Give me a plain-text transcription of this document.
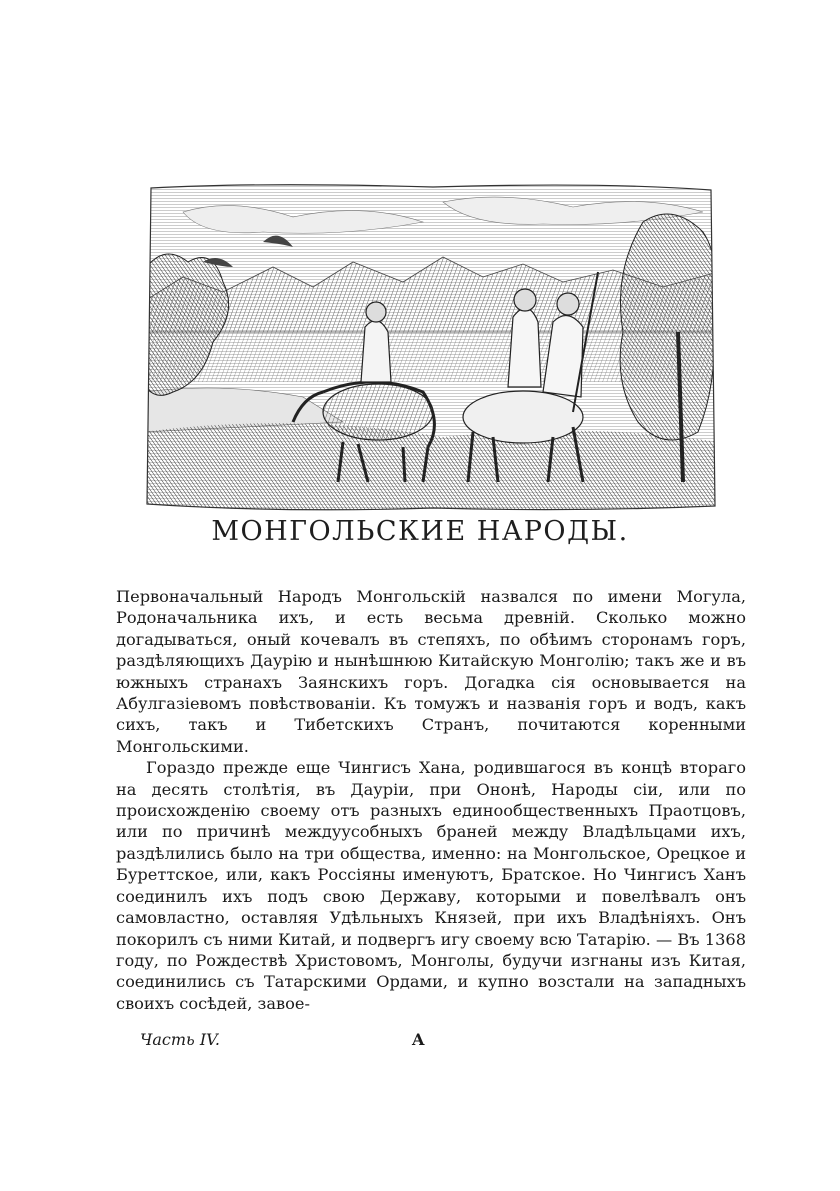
МОНГОЛЬСКИЕ НАРОДЫ.

Первоначальный Народъ Монгольскій назвался по имени Могула, Родоначальника ихъ, и есть весьма древній. Сколько можно догадываться, оный кочевалъ въ степяхъ, по обѣимъ сторонамъ горъ, раздѣляющихъ Даурію и нынѣшнюю Китайскую Монголію; такъ же и въ южныхъ странахъ Заянскихъ горъ. Догадка сія основывается на Абулгазіевомъ повѣствованіи. Къ томужъ и названія горъ и водъ, какъ сихъ, такъ и Тибетскихъ Странъ, почитаются коренными Монгольскими.

Гораздо прежде еще Чингисъ Хана, родившагося въ концѣ втораго на десять столѣтія, въ Дауріи, при Ононѣ, Народы сіи, или по происхожденію своему отъ разныхъ единообщественныхъ Праотцовъ, или по причинѣ междуусобныхъ браней между Владѣльцами ихъ, раздѣлились было на три общества, именно: на Монгольское, Орецкое и Буреттское, или, какъ Россіяны именуютъ, Братское. Но Чингисъ Ханъ соединилъ ихъ подъ свою Державу, которыми и повелѣвалъ онъ самовластно, оставляя Удѣльныхъ Князей, при ихъ Владѣніяхъ. Онъ покорилъ съ ними Китай, и подвергъ игу своему всю Татарію. — Въ 1368 году, по Рождествѣ Христовомъ, Монголы, будучи изгнаны изъ Китая, соединились съ Татарскими Ордами, и купно возстали на западныхъ своихъ сосѣдей, завое-

Часть IV.	A
